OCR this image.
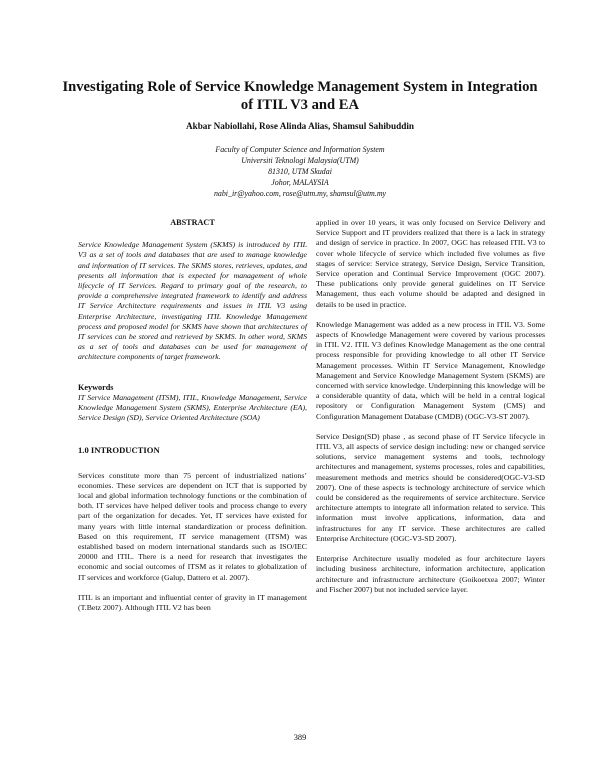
Investigating Role of Service Knowledge Management System in Integration of ITIL V3 and EA
Akbar Nabiollahi, Rose Alinda Alias, Shamsul Sahibuddin
Faculty of Computer Science and Information System
Universiti Teknologi Malaysia(UTM)
81310, UTM Skudai
Johor, MALAYSIA
nabi_ir@yahoo.com, rose@utm.my, shamsul@utm.my
ABSTRACT

Service Knowledge Management System (SKMS) is introduced by ITIL V3 as a set of tools and databases that are used to manage knowledge and information of IT services. The SKMS stores, retrieves, updates, and presents all information that is expected for management of whole lifecycle of IT Services. Regard to primary goal of the research, to provide a comprehensive integrated framework to identify and address IT Service Architecture requirements and issues in ITIL V3 using Enterprise Architecture, investigating ITIL Knowledge Management process and proposed model for SKMS have shown that architectures of IT services can be stored and retrieved by SKMS. In other word, SKMS as a set of tools and databases can be used for management of architecture components of target framework.

Keywords

IT Service Management (ITSM), ITIL, Knowledge Management, Service Knowledge Management System (SKMS), Enterprise Architecture (EA), Service Design (SD), Service Oriented Architecture (SOA)

1.0 INTRODUCTION

Services constitute more than 75 percent of industrialized nations’ economies. These services are dependent on ICT that is supported by local and global information technology functions or the combination of both. IT services have helped deliver tools and process change to every part of the organization for decades. Yet, IT services have existed for many years with little internal standardization or process definition. Based on this requirement, IT service management (ITSM) was established based on modern international standards such as ISO/IEC 20000 and ITIL. There is a need for research that investigates the economic and social outcomes of ITSM as it relates to globalization of IT services and workforce (Galup, Dattero et al. 2007).

ITIL is an important and influential center of gravity in IT management (T.Betz 2007). Although ITIL V2 has been

applied in over 10 years, it was only focused on Service Delivery and Service Support and IT providers realized that there is a lack in strategy and design of service in practice. In 2007, OGC has released ITIL V3 to cover whole lifecycle of service which included five volumes as five stages of service: Service strategy, Service Design, Service Transition, Service operation and Continual Service Improvement (OGC 2007). These publications only provide general guidelines on IT Service Management, thus each volume should be adapted and designed in details to be used in practice.

Knowledge Management was added as a new process in ITIL V3. Some aspects of Knowledge Management were covered by various processes in ITIL V2. ITIL V3 defines Knowledge Management as the one central process responsible for providing knowledge to all other IT Service Management processes. Within IT Service Management, Knowledge Management and Service Knowledge Management System (SKMS) are concerned with service knowledge. Underpinning this knowledge will be a considerable quantity of data, which will be held in a central logical repository or Configuration Management System (CMS) and Configuration Management Database (CMDB) (OGC-V3-ST 2007).

Service Design(SD) phase , as second phase of IT Service lifecycle in ITIL V3, all aspects of service design including: new or changed service solutions, service management systems and tools, technology architectures and management, systems processes, roles and capabilities, measurement methods and metrics should be considered(OGC-V3-SD 2007). One of these aspects is technology architecture of service which could be considered as the requirements of service architecture. Service architecture attempts to integrate all information related to service. This information must involve applications, information, data and infrastructures for any IT service. These architectures are called Enterprise Architecture (OGC-V3-SD 2007).

Enterprise Architecture usually modeled as four architecture layers including business architecture, information architecture, application architecture and infrastructure architecture (Goikoetxea 2007; Winter and Fischer 2007) but not included service layer.

389
